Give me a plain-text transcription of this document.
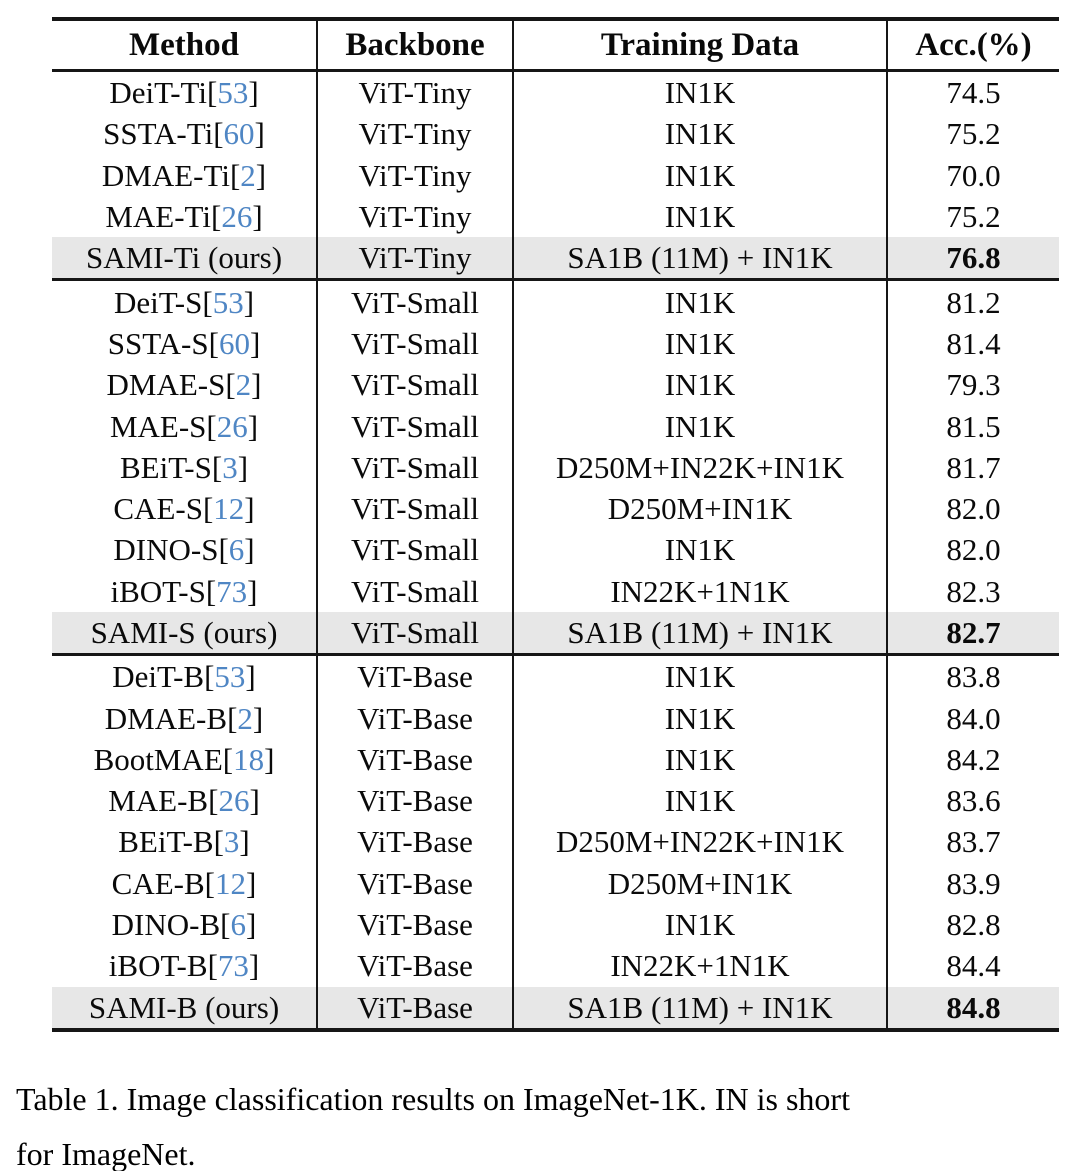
Method	Backbone	Training Data	Acc.(%)
DeiT-Ti [ 53 ]	ViT-Tiny	IN1K	74.5
SSTA-Ti [ 60 ]	ViT-Tiny	IN1K	75.2
DMAE-Ti [ 2 ]	ViT-Tiny	IN1K	70.0
MAE-Ti [ 26 ]	ViT-Tiny	IN1K	75.2
SAMI-Ti (ours)	ViT-Tiny	SA1B (11M) + IN1K	76.8
DeiT-S [ 53 ]	ViT-Small	IN1K	81.2
SSTA-S [ 60 ]	ViT-Small	IN1K	81.4
DMAE-S [ 2 ]	ViT-Small	IN1K	79.3
MAE-S [ 26 ]	ViT-Small	IN1K	81.5
BEiT-S [ 3 ]	ViT-Small	D250M+IN22K+IN1K	81.7
CAE-S [ 12 ]	ViT-Small	D250M+IN1K	82.0
DINO-S [ 6 ]	ViT-Small	IN1K	82.0
iBOT-S [ 73 ]	ViT-Small	IN22K+1N1K	82.3
SAMI-S (ours)	ViT-Small	SA1B (11M) + IN1K	82.7
DeiT-B [ 53 ]	ViT-Base	IN1K	83.8
DMAE-B [ 2 ]	ViT-Base	IN1K	84.0
BootMAE [ 18 ]	ViT-Base	IN1K	84.2
MAE-B [ 26 ]	ViT-Base	IN1K	83.6
BEiT-B [ 3 ]	ViT-Base	D250M+IN22K+IN1K	83.7
CAE-B [ 12 ]	ViT-Base	D250M+IN1K	83.9
DINO-B [ 6 ]	ViT-Base	IN1K	82.8
iBOT-B [ 73 ]	ViT-Base	IN22K+1N1K	84.4
SAMI-B (ours)	ViT-Base	SA1B (11M) + IN1K	84.8
Table 1. Image classification results on ImageNet-1K. IN is short
for ImageNet.
